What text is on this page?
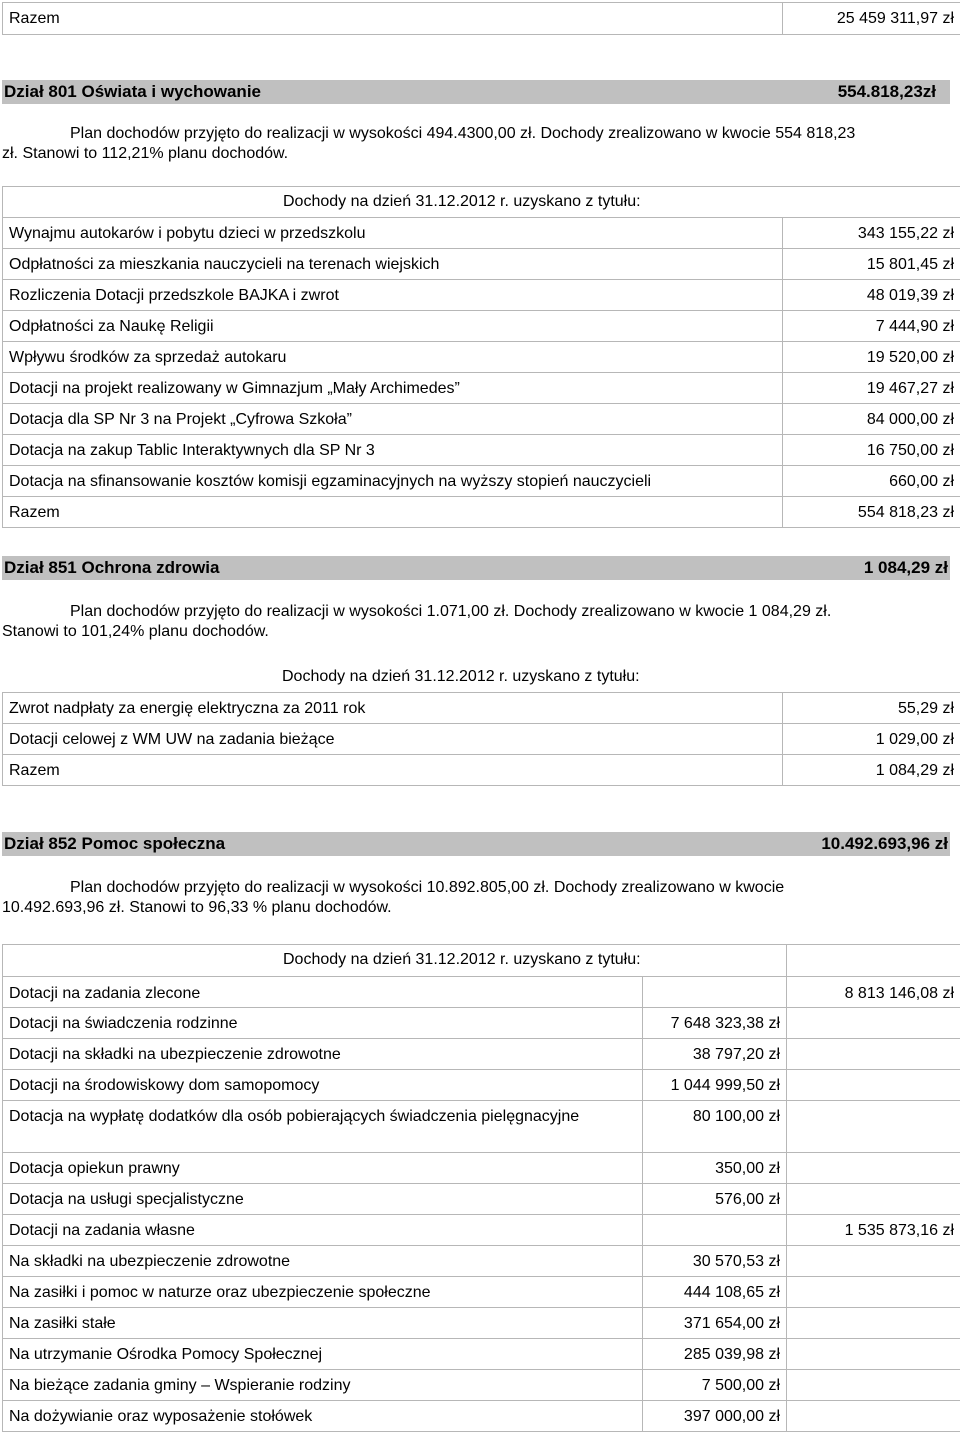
Razem	25 459 311,97 zł
Dział 801 Oświata i wychowanie	554.818,23zł
Plan dochodów przyjęto do realizacji w wysokości 494.4300,00 zł. Dochody zrealizowano w kwocie 554 818,23
zł. Stanowi to 112,21% planu dochodów.
Dochody na dzień 31.12.2012 r. uzyskano z tytułu:	
Wynajmu autokarów i pobytu dzieci w przedszkolu	343 155,22 zł
Odpłatności za mieszkania nauczycieli na terenach wiejskich	15 801,45 zł
Rozliczenia Dotacji przedszkole BAJKA i zwrot	48 019,39 zł
Odpłatności za Naukę Religii	7 444,90 zł
Wpływu środków za sprzedaż autokaru	19 520,00 zł
Dotacji na projekt realizowany w Gimnazjum „Mały Archimedes”	19 467,27 zł
Dotacja dla SP Nr 3 na Projekt „Cyfrowa Szkoła”	84 000,00 zł
Dotacja na zakup Tablic Interaktywnych dla SP Nr 3	16 750,00 zł
Dotacja na sfinansowanie kosztów komisji egzaminacyjnych na wyższy stopień nauczycieli	660,00 zł
Razem	554 818,23 zł
Dział 851 Ochrona zdrowia	1 084,29 zł
Plan dochodów przyjęto do realizacji w wysokości 1.071,00 zł. Dochody zrealizowano w kwocie 1 084,29 zł.
Stanowi to 101,24% planu dochodów.
Dochody na dzień 31.12.2012 r. uzyskano z tytułu:
Zwrot nadpłaty za energię elektryczna za 2011 rok	55,29 zł
Dotacji celowej z WM UW na zadania bieżące	1 029,00 zł
Razem	1 084,29 zł
Dział 852 Pomoc społeczna	10.492.693,96 zł
Plan dochodów przyjęto do realizacji w wysokości 10.892.805,00 zł. Dochody zrealizowano w kwocie
10.492.693,96 zł. Stanowi to 96,33 % planu dochodów.
Dochody na dzień 31.12.2012 r. uzyskano z tytułu:		
Dotacji na zadania zlecone		8 813 146,08 zł
Dotacji na świadczenia rodzinne	7 648 323,38 zł	
Dotacji na składki na ubezpieczenie zdrowotne	38 797,20 zł	
Dotacji na środowiskowy dom samopomocy	1 044 999,50 zł	
Dotacja na wypłatę dodatków dla osób pobierających świadczenia pielęgnacyjne	80 100,00 zł	
Dotacja opiekun prawny	350,00 zł	
Dotacja na usługi specjalistyczne	576,00 zł	
Dotacji na zadania własne		1 535 873,16 zł
Na składki na ubezpieczenie zdrowotne	30 570,53 zł	
Na zasiłki i pomoc w naturze oraz ubezpieczenie społeczne	444 108,65 zł	
Na zasiłki stałe	371 654,00 zł	
Na utrzymanie Ośrodka Pomocy Społecznej	285 039,98 zł	
Na bieżące zadania gminy – Wspieranie rodziny	7 500,00 zł	
Na dożywianie oraz wyposażenie stołówek	397 000,00 zł	
